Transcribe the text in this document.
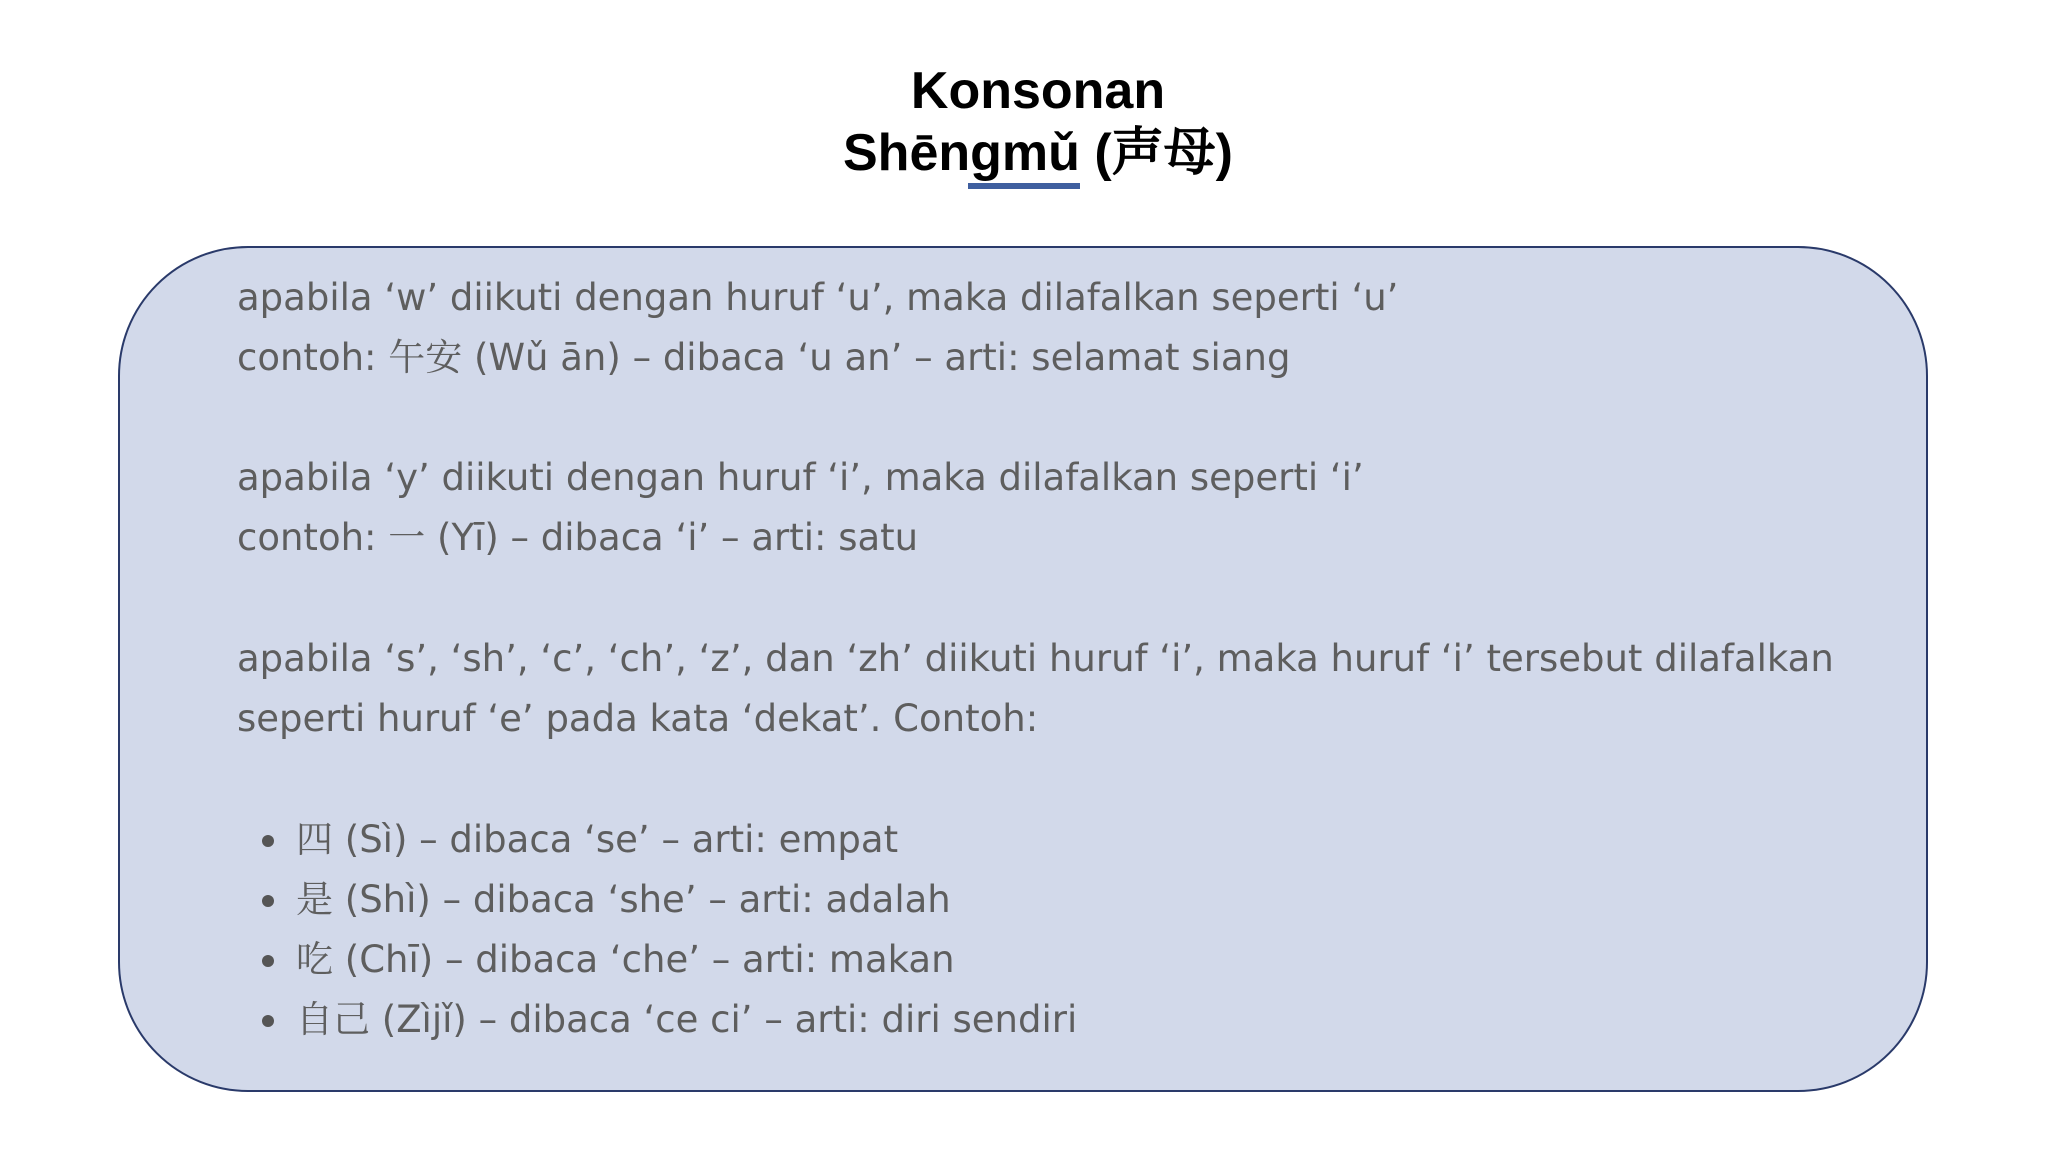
Konsonan
Shēngmǔ (声母)
apabila ‘w’ diikuti dengan huruf ‘u’, maka dilafalkan seperti ‘u’
contoh: 午安 (Wǔ ān) – dibaca ‘u an’ – arti: selamat siang
apabila ‘y’ diikuti dengan huruf ‘i’, maka dilafalkan seperti ‘i’
contoh: 一 (Yī) – dibaca ‘i’ – arti: satu
apabila ‘s’, ‘sh’, ‘c’, ‘ch’, ‘z’, dan ‘zh’ diikuti huruf ‘i’, maka huruf ‘i’ tersebut dilafalkan
seperti huruf ‘e’ pada kata ‘dekat’. Contoh:
四 (Sì) – dibaca ‘se’ – arti: empat
是 (Shì) – dibaca ‘she’ – arti: adalah
吃 (Chī) – dibaca ‘che’ – arti: makan
自己 (Zìjǐ) – dibaca ‘ce ci’ – arti: diri sendiri
